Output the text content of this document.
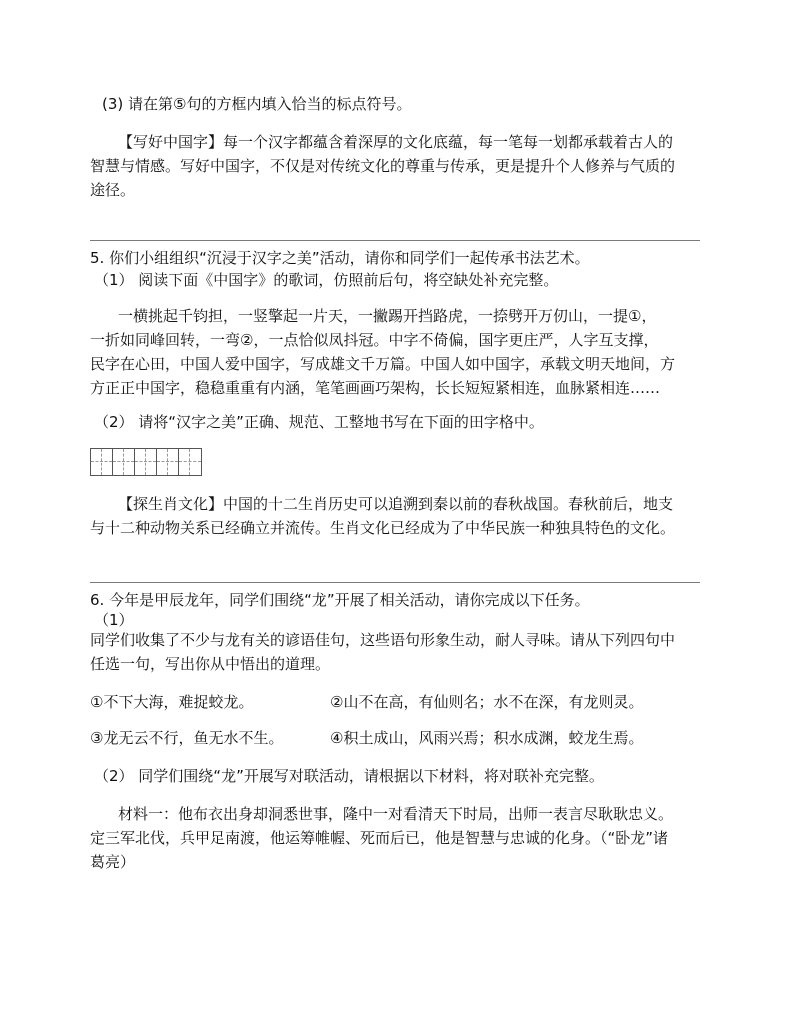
(3) 请在第⑤句的方框内填入恰当的标点符号。
【写好中国字】每一个汉字都蕴含着深厚的文化底蕴，每一笔每一划都承载着古人的
智慧与情感。写好中国字，不仅是对传统文化的尊重与传承，更是提升个人修养与气质的
途径。
5. 你们小组组织“沉浸于汉字之美”活动，请你和同学们一起传承书法艺术。
（1） 阅读下面《中国字》的歌词，仿照前后句，将空缺处补充完整。
一横挑起千钧担，一竖擎起一片天，一撇踢开挡路虎，一捺劈开万仞山，一提①，
一折如同峰回转，一弯②，一点恰似凤抖冠。中字不倚偏，国字更庄严，人字互支撑，
民字在心田，中国人爱中国字，写成雄文千万篇。中国人如中国字，承载文明天地间，方
方正正中国字，稳稳重重有内涵，笔笔画画巧架构，长长短短紧相连，血脉紧相连……
（2） 请将“汉字之美”正确、规范、工整地书写在下面的田字格中。
【探生肖文化】中国的十二生肖历史可以追溯到秦以前的春秋战国。春秋前后，地支
与十二种动物关系已经确立并流传。生肖文化已经成为了中华民族一种独具特色的文化。
6. 今年是甲辰龙年，同学们围绕“龙”开展了相关活动，请你完成以下任务。
（1）
同学们收集了不少与龙有关的谚语佳句，这些语句形象生动，耐人寻味。请从下列四句中
任选一句，写出你从中悟出的道理。
①不下大海，难捉蛟龙。	②山不在高，有仙则名；水不在深，有龙则灵。
③龙无云不行，鱼无水不生。	④积土成山，风雨兴焉；积水成渊，蛟龙生焉。
（2） 同学们围绕“龙”开展写对联活动，请根据以下材料，将对联补充完整。
材料一：他布衣出身却洞悉世事，隆中一对看清天下时局，出师一表言尽耿耿忠义。
定三军北伐，兵甲足南渡，他运筹帷幄、死而后已，他是智慧与忠诚的化身。（“卧龙”诸
葛亮）
